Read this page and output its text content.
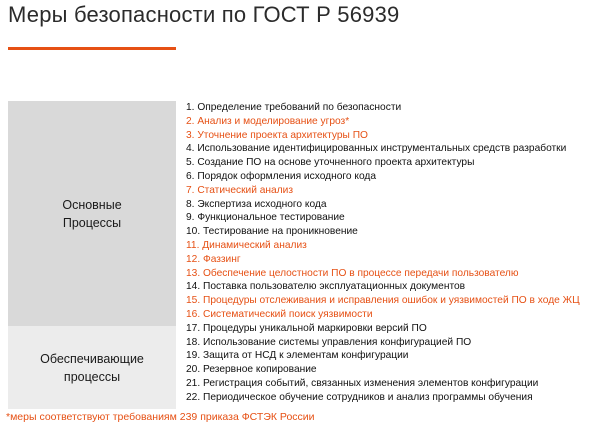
Меры безопасности по ГОСТ Р 56939
Основные
Процессы
Обеспечивающие
процессы
1. Определение требований по безопасности
2. Анализ и моделирование угроз*
3. Уточнение проекта архитектуры ПО
4. Использование идентифицированных инструментальных средств разработки
5. Создание ПО на основе уточненного проекта архитектуры
6. Порядок оформления исходного кода
7. Статический анализ
8. Экспертиза исходного кода
9. Функциональное тестирование
10. Тестирование на проникновение
11. Динамический анализ
12. Фаззинг
13. Обеспечение целостности ПО в процессе передачи пользователю
14. Поставка пользователю эксплуатационных документов
15. Процедуры отслеживания и исправления ошибок и уязвимостей ПО в ходе ЖЦ
16. Систематический поиск уязвимости
17. Процедуры уникальной маркировки версий ПО
18. Использование системы управления конфигурацией ПО
19. Защита от НСД к элементам конфигурации
20. Резервное копирование
21. Регистрация событий, связанных изменения элементов конфигурации
22. Периодическое обучение сотрудников и анализ программы обучения
*меры соответствуют требованиям 239 приказа ФСТЭК России
